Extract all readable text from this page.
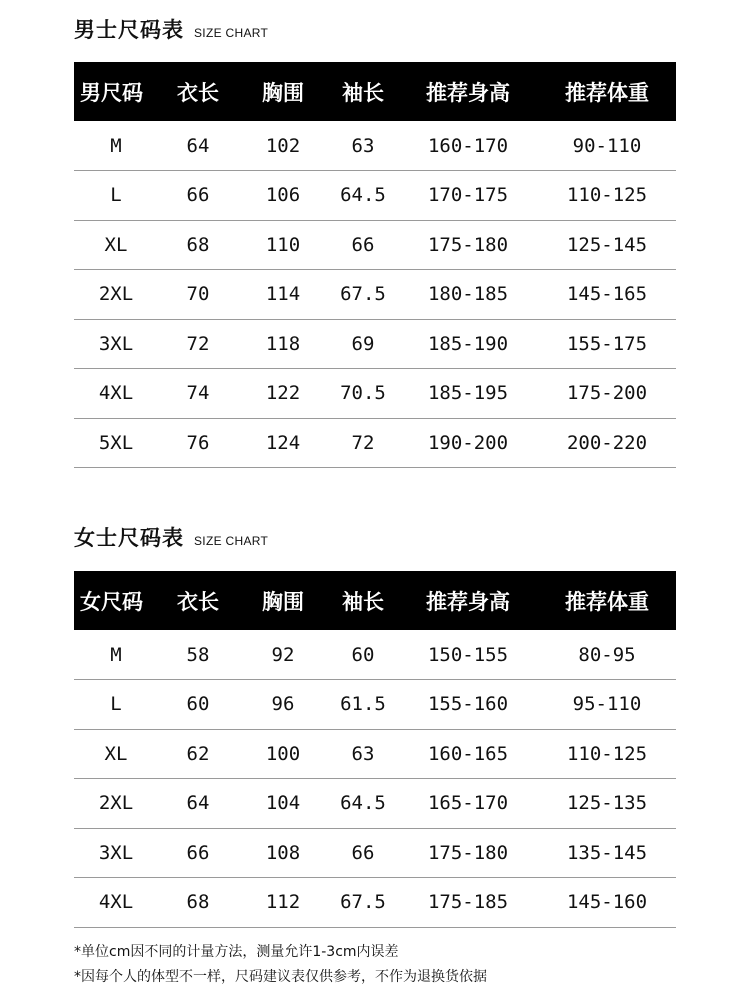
男士尺码表 SIZE CHART
男尺码	衣长	胸围	袖长	推荐身高	推荐体重
M	64	102	63	160-170	90-110
L	66	106	64.5	170-175	110-125
XL	68	110	66	175-180	125-145
2XL	70	114	67.5	180-185	145-165
3XL	72	118	69	185-190	155-175
4XL	74	122	70.5	185-195	175-200
5XL	76	124	72	190-200	200-220
女士尺码表 SIZE CHART
女尺码	衣长	胸围	袖长	推荐身高	推荐体重
M	58	92	60	150-155	80-95
L	60	96	61.5	155-160	95-110
XL	62	100	63	160-165	110-125
2XL	64	104	64.5	165-170	125-135
3XL	66	108	66	175-180	135-145
4XL	68	112	67.5	175-185	145-160
*单位cm因不同的计量方法，测量允许1-3cm内误差
*因每个人的体型不一样，尺码建议表仅供参考，不作为退换货依据
